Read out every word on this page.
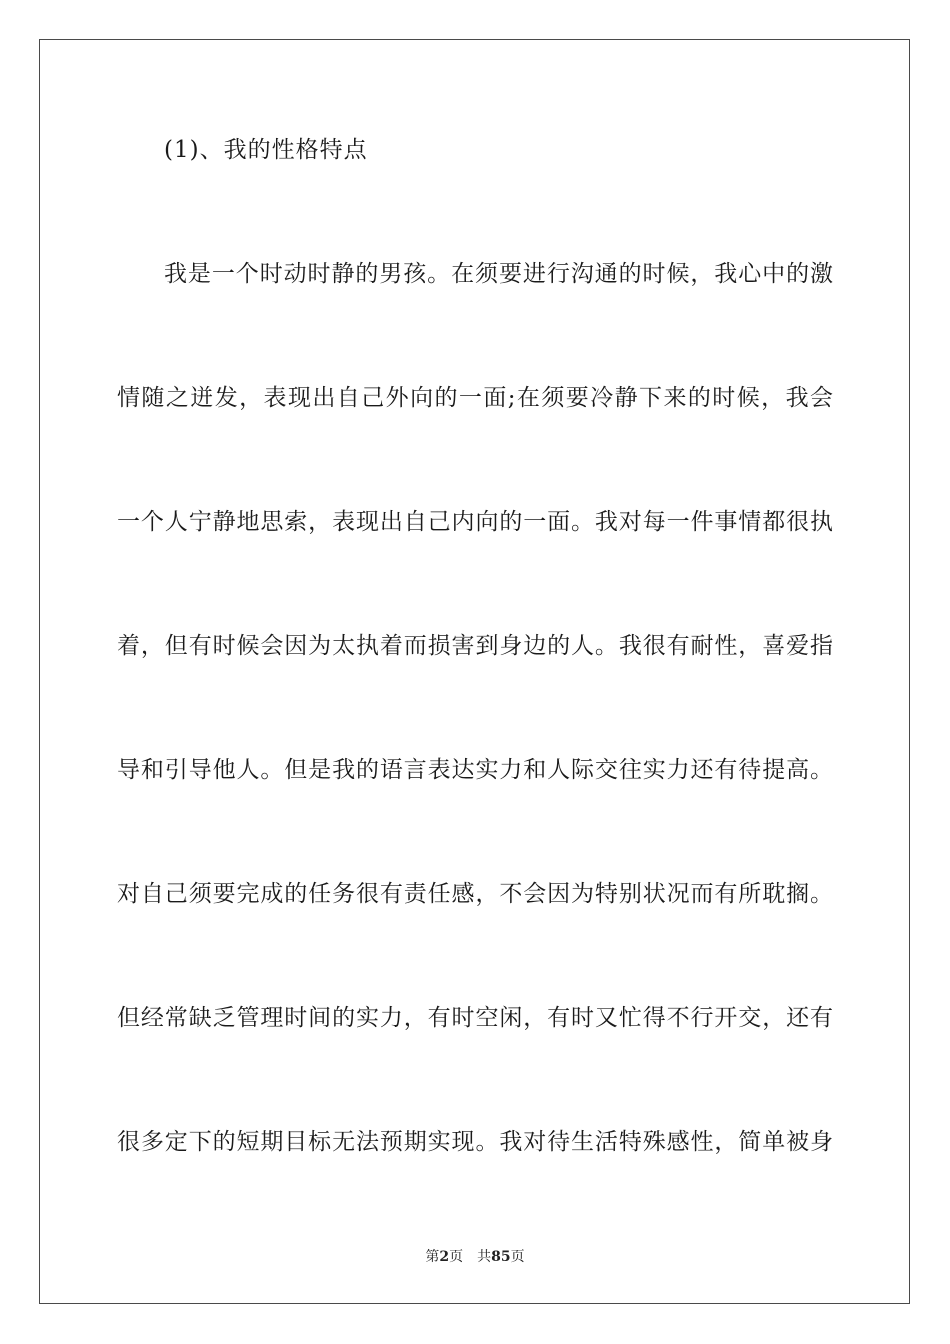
(1)、我的性格特点
我是一个时动时静的男孩。在须要进行沟通的时候，我心中的激
情随之迸发，表现出自己外向的一面;在须要冷静下来的时候，我会
一个人宁静地思索，表现出自己内向的一面。我对每一件事情都很执
着，但有时候会因为太执着而损害到身边的人。我很有耐性，喜爱指
导和引导他人。但是我的语言表达实力和人际交往实力还有待提高。
对自己须要完成的任务很有责任感，不会因为特别状况而有所耽搁。
但经常缺乏管理时间的实力，有时空闲，有时又忙得不行开交，还有
很多定下的短期目标无法预期实现。我对待生活特殊感性，简单被身
第2页 共85页
